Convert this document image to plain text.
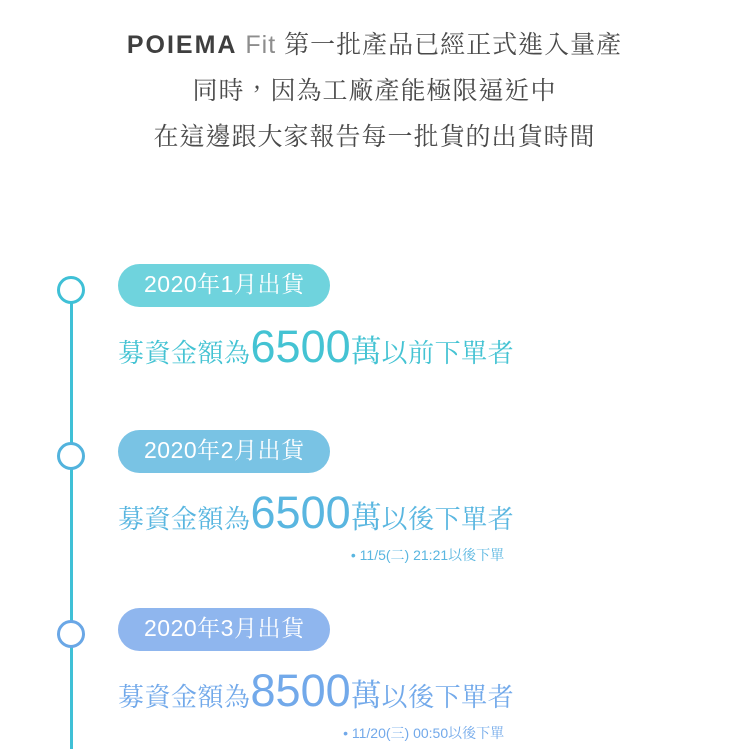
POIEMA Fit 第一批產品已經正式進入量產
同時，因為工廠產能極限逼近中
在這邊跟大家報告每一批貨的出貨時間
2020年1月出貨
募資金額為6500萬以前下單者
2020年2月出貨
募資金額為6500萬以後下單者
• 11/5(二) 21:21以後下單
2020年3月出貨
募資金額為8500萬以後下單者
• 11/20(三) 00:50以後下單
